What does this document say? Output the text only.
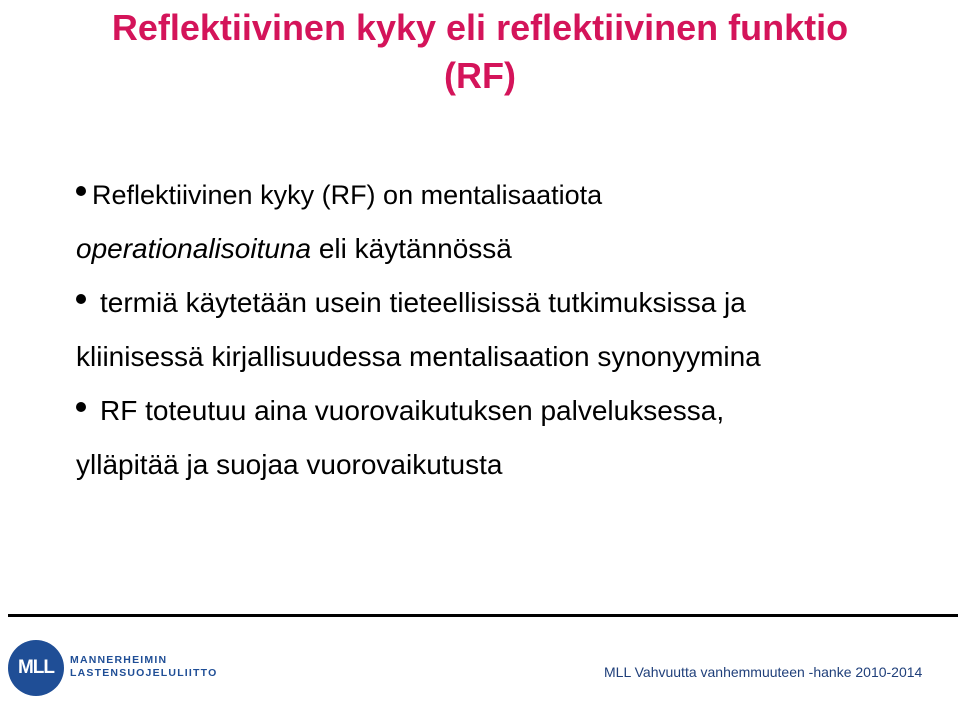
Reflektiivinen kyky eli reflektiivinen funktio
(RF)

Reflektiivinen kyky (RF) on mentalisaatiota
operationalisoituna eli käytännössä

termiä käytetään usein tieteellisissä tutkimuksissa ja
kliinisessä kirjallisuudessa mentalisaation synonyymina

RF toteutuu aina vuorovaikutuksen palveluksessa,
ylläpitää ja suojaa vuorovaikutusta

MLL	MANNERHEIMIN
LASTENSUOJELULIITTO	MLL Vahvuutta vanhemmuuteen -hanke 2010-2014
